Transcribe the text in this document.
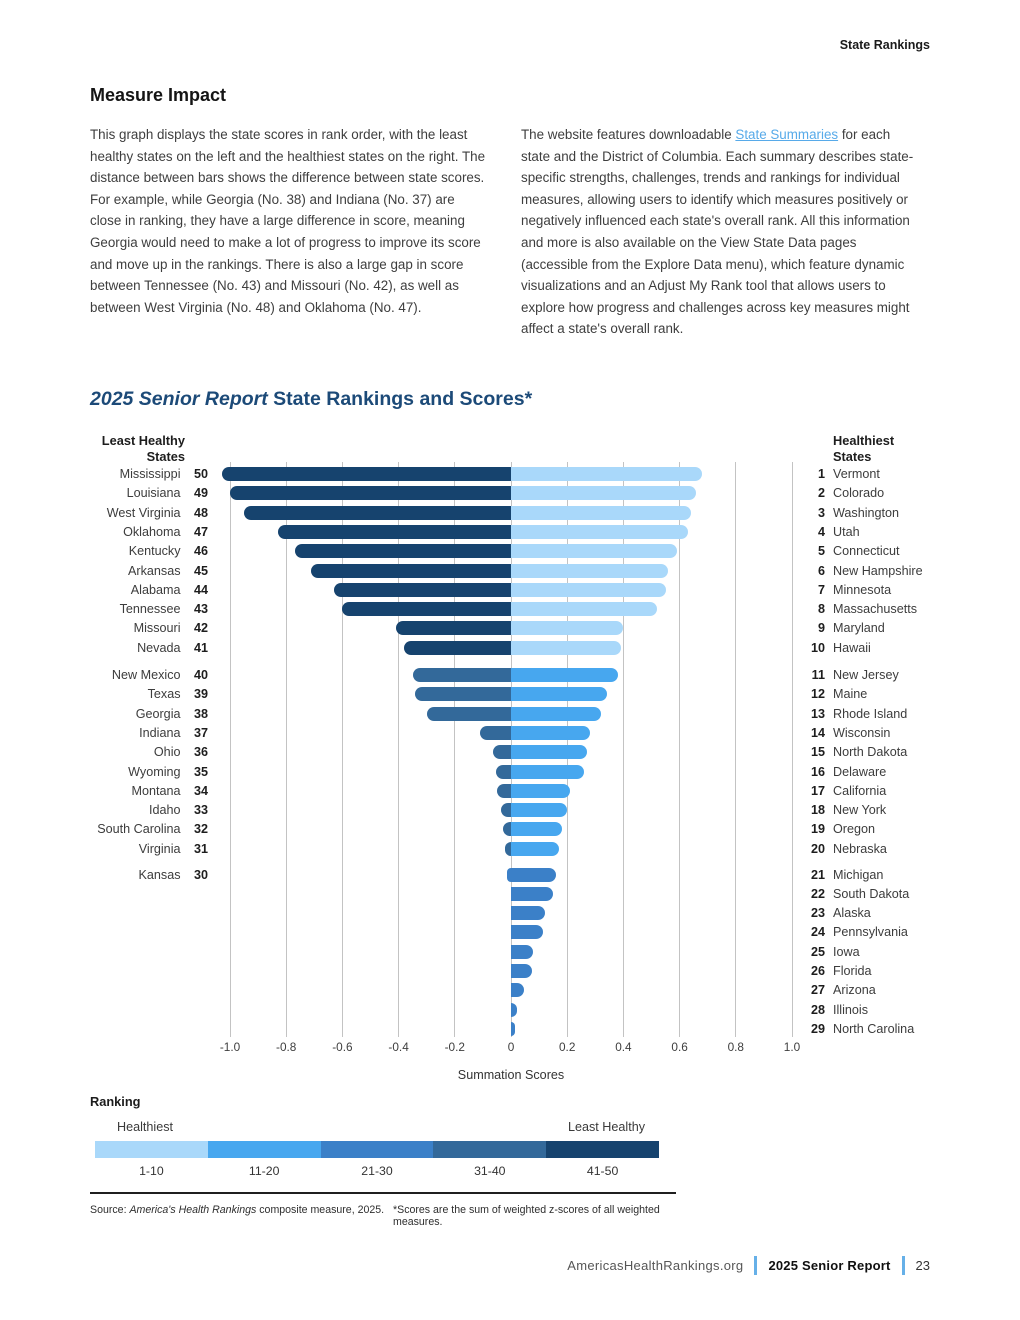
State Rankings
Measure Impact
This graph displays the state scores in rank order, with the least healthy states on the left and the healthiest states on the right. The distance between bars shows the difference between state scores. For example, while Georgia (No. 38) and Indiana (No. 37) are close in ranking, they have a large difference in score, meaning Georgia would need to make a lot of progress to improve its score and move up in the rankings. There is also a large gap in score between Tennessee (No. 43) and Missouri (No. 42), as well as between West Virginia (No. 48) and Oklahoma (No. 47).
The website features downloadable State Summaries for each state and the District of Columbia. Each summary describes state-specific strengths, challenges, trends and rankings for individual measures, allowing users to identify which measures positively or negatively influenced each state's overall rank. All this information and more is also available on the View State Data pages (accessible from the Explore Data menu), which feature dynamic visualizations and an Adjust My Rank tool that allows users to explore how progress and challenges across key measures might affect a state's overall rank.
2025 Senior Report State Rankings and Scores*
Least Healthy
States
Healthiest
States
Summation Scores
-1.0	-0.8	-0.6	-0.4	-0.2	0	0.2	0.4	0.6	0.8	1.0
Mississippi 50	1 Vermont
Louisiana 49	2 Colorado
West Virginia 48	3 Washington
Oklahoma 47	4 Utah
Kentucky 46	5 Connecticut
Arkansas 45	6 New Hampshire
Alabama 44	7 Minnesota
Tennessee 43	8 Massachusetts
Missouri 42	9 Maryland
Nevada 41	10 Hawaii
New Mexico 40	11 New Jersey
Texas 39	12 Maine
Georgia 38	13 Rhode Island
Indiana 37	14 Wisconsin
Ohio 36	15 North Dakota
Wyoming 35	16 Delaware
Montana 34	17 California
Idaho 33	18 New York
South Carolina 32	19 Oregon
Virginia 31	20 Nebraska
Kansas 30	21 Michigan
22 South Dakota
23 Alaska
24 Pennsylvania
25 Iowa
26 Florida
27 Arizona
28 Illinois
29 North Carolina
Ranking
Healthiest	Least Healthy
1-10	11-20	21-30	31-40	41-50
Source: America's Health Rankings composite measure, 2025. *Scores are the sum of weighted z-scores of all weighted measures.
AmericasHealthRankings.org 2025 Senior Report 23
